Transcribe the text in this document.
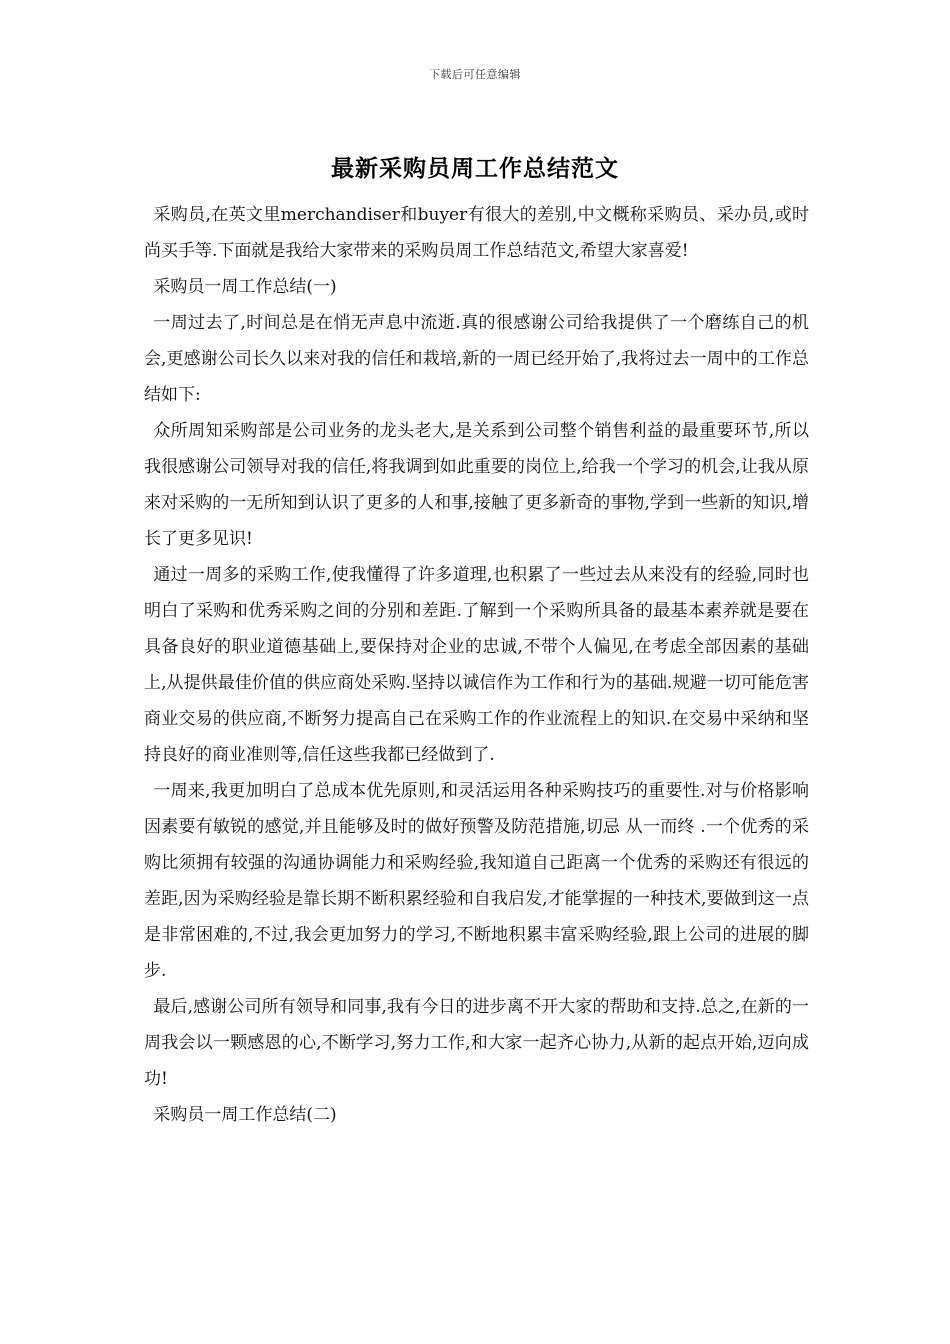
下载后可任意编辑
最新采购员周工作总结范文

采购员,在英文里merchandiser和buyer有很大的差别,中文概称采购员、采办员,或时尚买手等.下面就是我给大家带来的采购员周工作总结范文,希望大家喜爱!

采购员一周工作总结(一)

一周过去了,时间总是在悄无声息中流逝.真的很感谢公司给我提供了一个磨练自己的机会,更感谢公司长久以来对我的信任和栽培,新的一周已经开始了,我将过去一周中的工作总结如下:

众所周知采购部是公司业务的龙头老大,是关系到公司整个销售利益的最重要环节,所以我很感谢公司领导对我的信任,将我调到如此重要的岗位上,给我一个学习的机会,让我从原来对采购的一无所知到认识了更多的人和事,接触了更多新奇的事物,学到一些新的知识,增长了更多见识!

通过一周多的采购工作,使我懂得了许多道理,也积累了一些过去从来没有的经验,同时也明白了采购和优秀采购之间的分别和差距.了解到一个采购所具备的最基本素养就是要在具备良好的职业道德基础上,要保持对企业的忠诚,不带个人偏见,在考虑全部因素的基础上,从提供最佳价值的供应商处采购.坚持以诚信作为工作和行为的基础.规避一切可能危害商业交易的供应商,不断努力提高自己在采购工作的作业流程上的知识.在交易中采纳和坚持良好的商业准则等,信任这些我都已经做到了.

一周来,我更加明白了总成本优先原则,和灵活运用各种采购技巧的重要性.对与价格影响因素要有敏锐的感觉,并且能够及时的做好预警及防范措施,切忌 从一而终 .一个优秀的采购比须拥有较强的沟通协调能力和采购经验,我知道自己距离一个优秀的采购还有很远的差距,因为采购经验是靠长期不断积累经验和自我启发,才能掌握的一种技术,要做到这一点是非常困难的,不过,我会更加努力的学习,不断地积累丰富采购经验,跟上公司的进展的脚步.

最后,感谢公司所有领导和同事,我有今日的进步离不开大家的帮助和支持.总之,在新的一周我会以一颗感恩的心,不断学习,努力工作,和大家一起齐心协力,从新的起点开始,迈向成功!

采购员一周工作总结(二)
